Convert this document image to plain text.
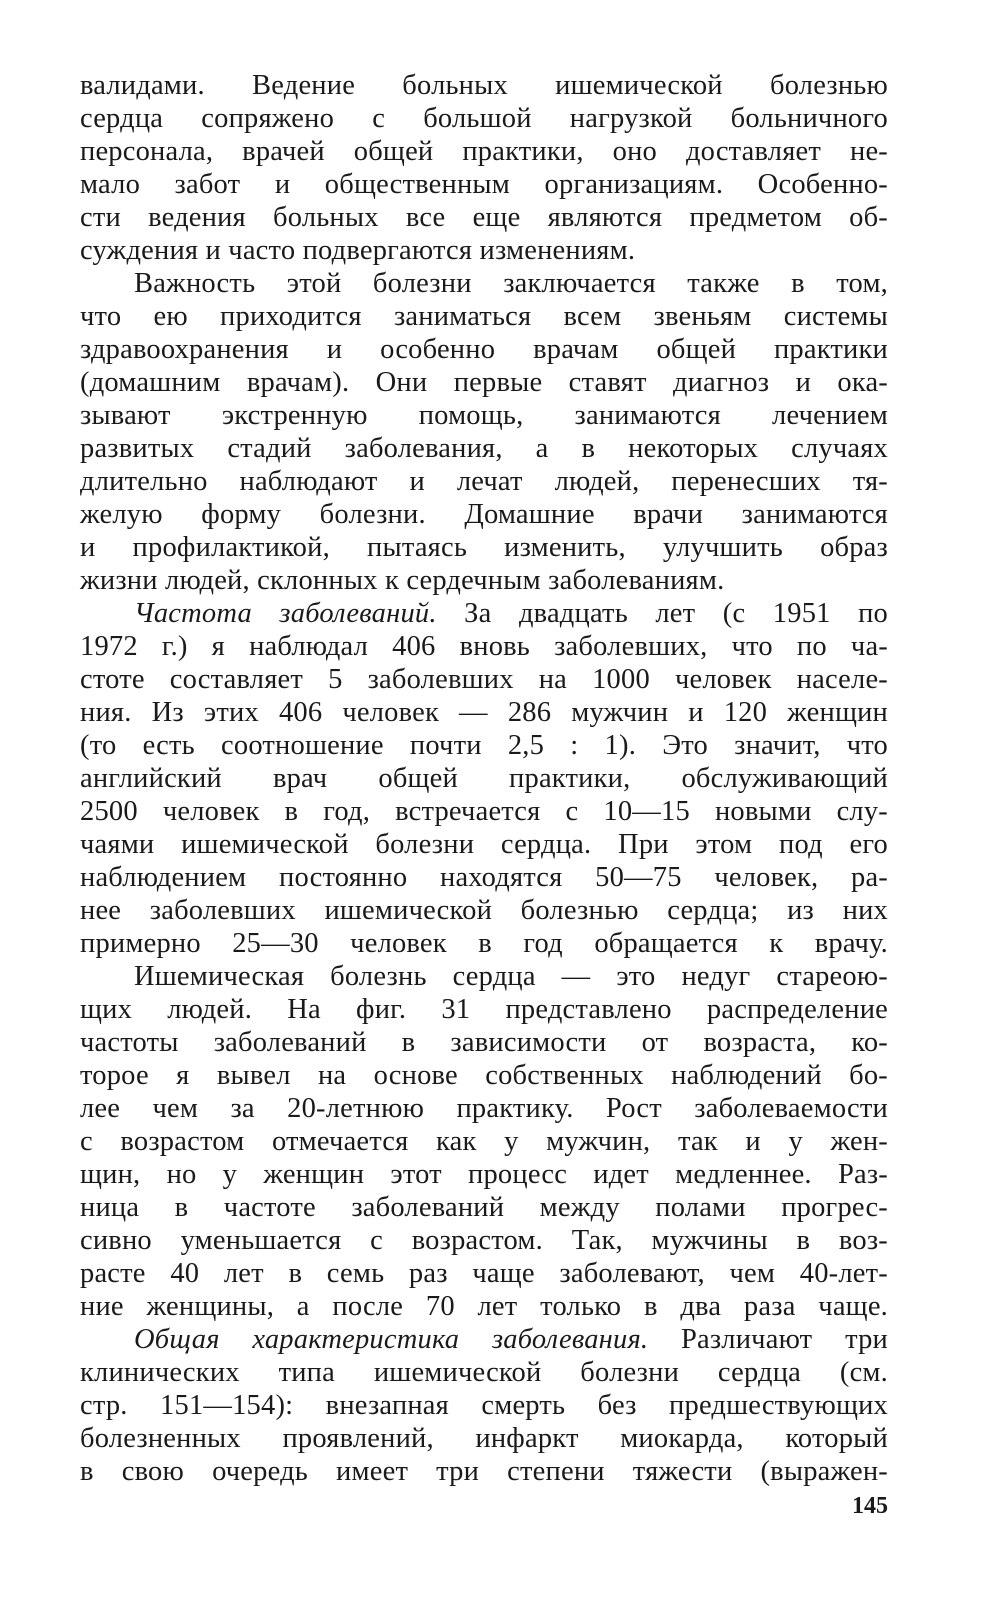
валидами. Ведение больных ишемической болезнью
сердца сопряжено с большой нагрузкой больничного
персонала, врачей общей практики, оно доставляет не-
мало забот и общественным организациям. Особенно-
сти ведения больных все еще являются предметом об-
суждения и часто подвергаются изменениям.
Важность этой болезни заключается также в том,
что ею приходится заниматься всем звеньям системы
здравоохранения и особенно врачам общей практики
(домашним врачам). Они первые ставят диагноз и ока-
зывают экстренную помощь, занимаются лечением
развитых стадий заболевания, а в некоторых случаях
длительно наблюдают и лечат людей, перенесших тя-
желую форму болезни. Домашние врачи занимаются
и профилактикой, пытаясь изменить, улучшить образ
жизни людей, склонных к сердечным заболеваниям.
Частота заболеваний. За двадцать лет (с 1951 по
1972 г.) я наблюдал 406 вновь заболевших, что по ча-
стоте составляет 5 заболевших на 1000 человек населе-
ния. Из этих 406 человек — 286 мужчин и 120 женщин
(то есть соотношение почти 2,5 : 1). Это значит, что
английский врач общей практики, обслуживающий
2500 человек в год, встречается с 10—15 новыми слу-
чаями ишемической болезни сердца. При этом под его
наблюдением постоянно находятся 50—75 человек, ра-
нее заболевших ишемической болезнью сердца; из них
примерно 25—30 человек в год обращается к врачу.
Ишемическая болезнь сердца — это недуг стареою-
щих людей. На фиг. 31 представлено распределение
частоты заболеваний в зависимости от возраста, ко-
торое я вывел на основе собственных наблюдений бо-
лее чем за 20-летнюю практику. Рост заболеваемости
с возрастом отмечается как у мужчин, так и у жен-
щин, но у женщин этот процесс идет медленнее. Раз-
ница в частоте заболеваний между полами прогрес-
сивно уменьшается с возрастом. Так, мужчины в воз-
расте 40 лет в семь раз чаще заболевают, чем 40-лет-
ние женщины, а после 70 лет только в два раза чаще.
Общая характеристика заболевания. Различают три
клинических типа ишемической болезни сердца (см.
стр. 151—154): внезапная смерть без предшествующих
болезненных проявлений, инфаркт миокарда, который
в свою очередь имеет три степени тяжести (выражен-
145
